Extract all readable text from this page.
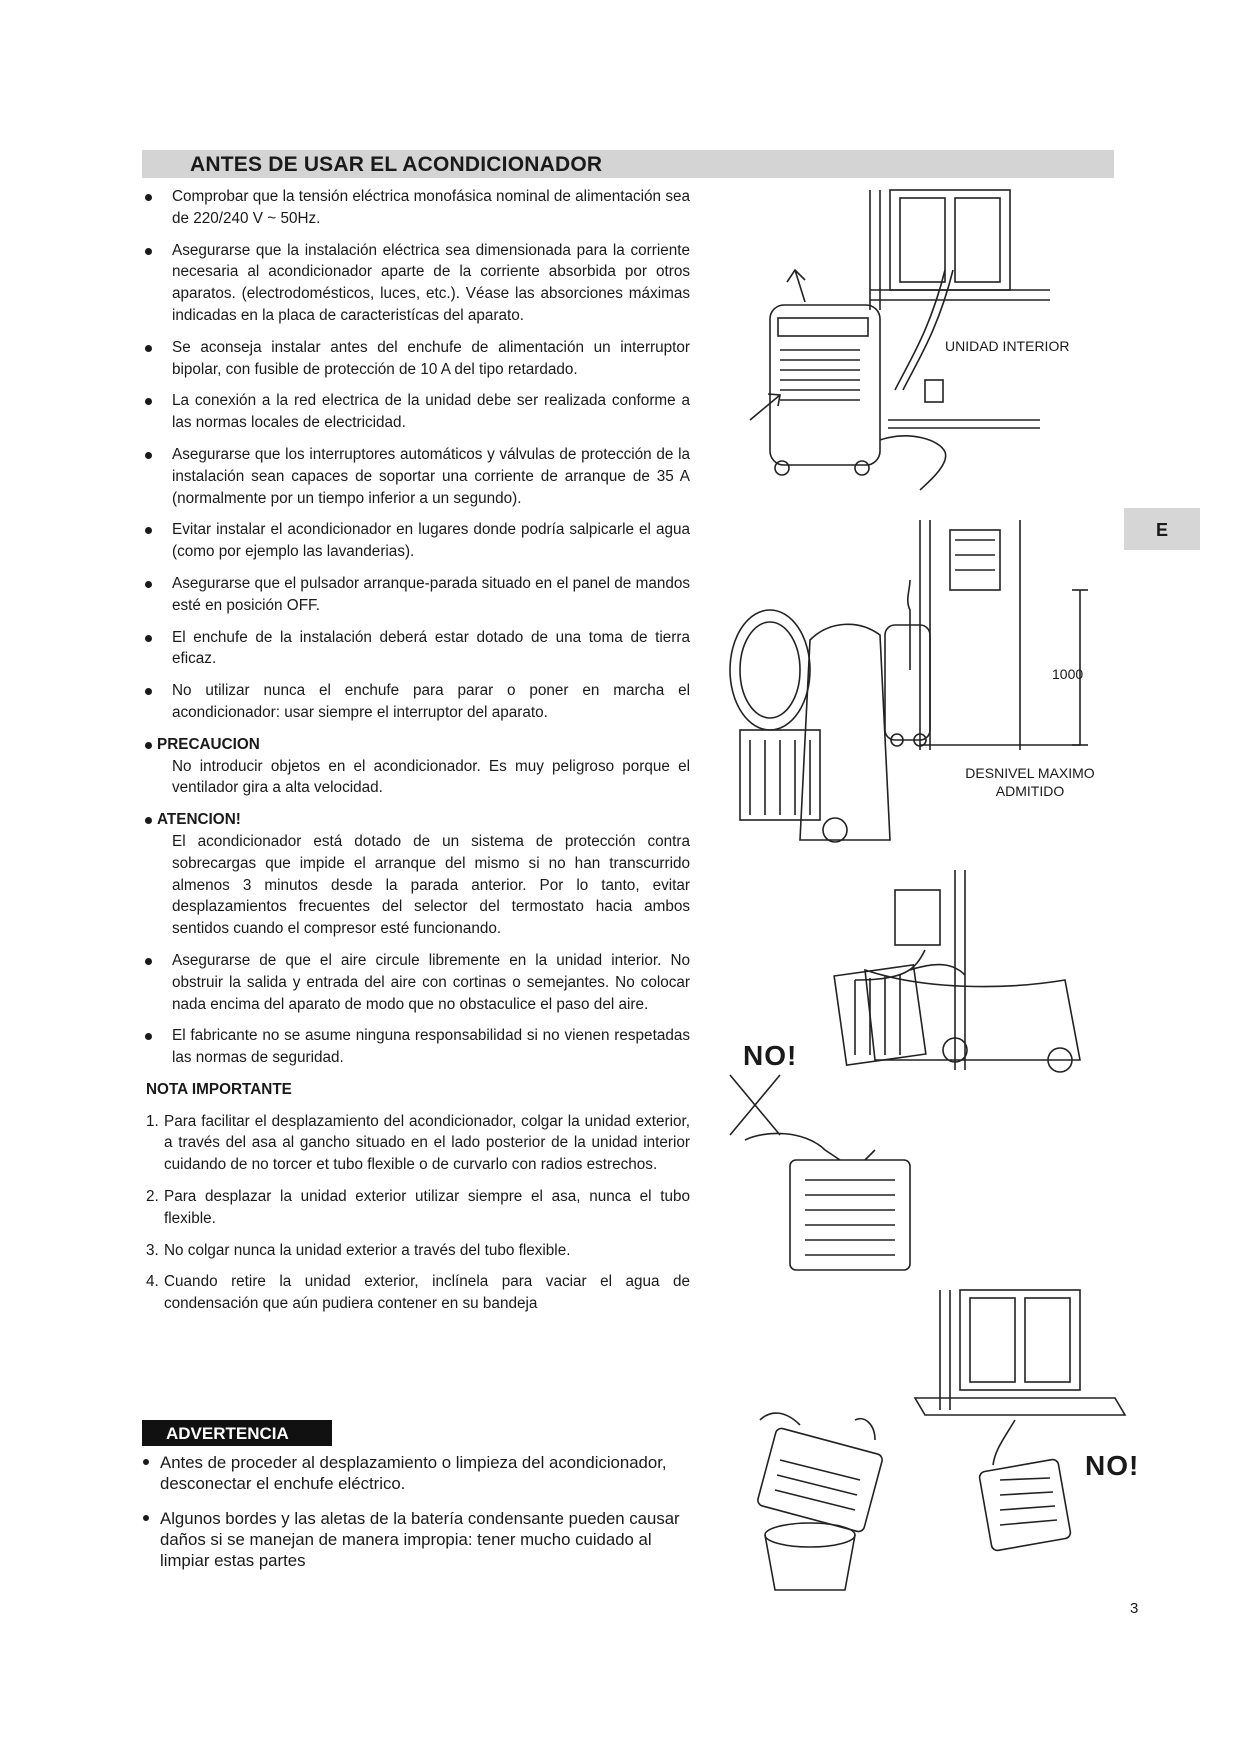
ANTES DE USAR EL ACONDICIONADOR
Comprobar que la tensión eléctrica monofásica nominal de alimentación sea de 220/240 V ~ 50Hz.
Asegurarse que la instalación eléctrica sea dimensionada para la corriente necesaria al acondicionador aparte de la corriente absorbida por otros aparatos. (electrodomésticos, luces, etc.). Véase las absorciones máximas indicadas en la placa de caracteristícas del aparato.
Se aconseja instalar antes del enchufe de alimentación un interruptor bipolar, con fusible de protección de 10 A del tipo retardado.
La conexión a la red electrica de la unidad debe ser realizada conforme a las normas locales de electricidad.
Asegurarse que los interruptores automáticos y válvulas de protección de la instalación sean capaces de soportar una corriente de arranque de 35 A (normalmente por un tiempo inferior a un segundo).
Evitar instalar el acondicionador en lugares donde podría salpicarle el agua (como por ejemplo las lavanderias).
Asegurarse que el pulsador arranque-parada situado en el panel de mandos esté en posición OFF.
El enchufe de la instalación deberá estar dotado de una toma de tierra eficaz.
No utilizar nunca el enchufe para parar o poner en marcha el acondicionador: usar siempre el interruptor del aparato.
PRECAUCION
No introducir objetos en el acondicionador. Es muy peligroso porque el ventilador gira a alta velocidad.
ATENCION!
El acondicionador está dotado de un sistema de protección contra sobrecargas que impide el arranque del mismo si no han transcurrido almenos 3 minutos desde la parada anterior. Por lo tanto, evitar desplazamientos frecuentes del selector del termostato hacia ambos sentidos cuando el compresor esté funcionando.
Asegurarse de que el aire circule libremente en la unidad interior. No obstruir la salida y entrada del aire con cortinas o semejantes. No colocar nada encima del aparato de modo que no obstaculice el paso del aire.
El fabricante no se asume ninguna responsabilidad si no vienen respetadas las normas de seguridad.
NOTA IMPORTANTE
1. Para facilitar el desplazamiento del acondicionador, colgar la unidad exterior, a través del asa al gancho situado en el lado posterior de la unidad interior cuidando de no torcer et tubo flexible o de curvarlo con radios estrechos.
2. Para desplazar la unidad exterior utilizar siempre el asa, nunca el tubo flexible.
3. No colgar nunca la unidad exterior a través del tubo flexible.
4. Cuando retire la unidad exterior, inclínela para vaciar el agua de condensación que aún pudiera contener en su bandeja
ADVERTENCIA
Antes de proceder al desplazamiento o limpieza del acondicionador, desconectar el enchufe eléctrico.
Algunos bordes y las aletas de la batería condensante pueden causar daños si se manejan de manera impropia: tener mucho cuidado al limpiar estas partes
E
3
UNIDAD INTERIOR
1000
DESNIVEL MAXIMO
ADMITIDO
NO!
NO!
